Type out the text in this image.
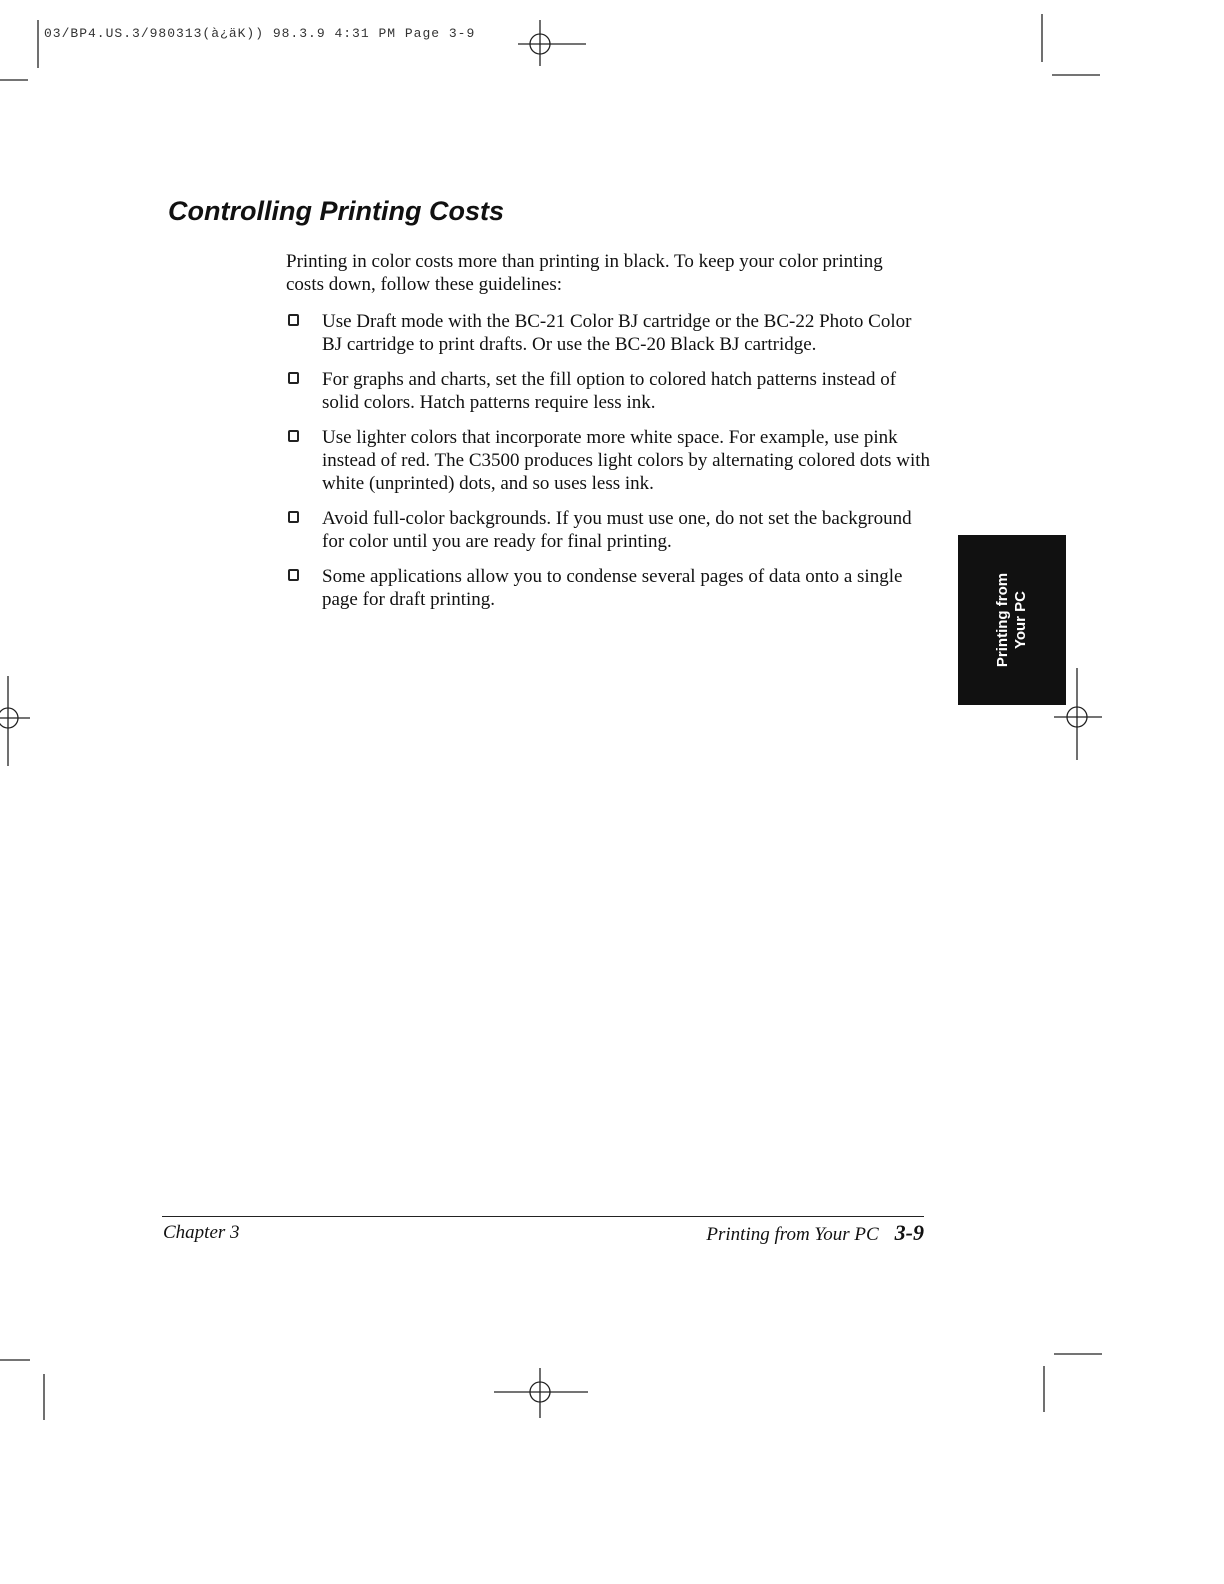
03/BP4.US.3/980313(à¿äK)) 98.3.9 4:31 PM Page 3-9
Controlling Printing Costs

Printing in color costs more than printing in black. To keep your color printing costs down, follow these guidelines:

Use Draft mode with the BC-21 Color BJ cartridge or the BC-22 Photo Color BJ cartridge to print drafts. Or use the BC-20 Black BJ cartridge.
For graphs and charts, set the fill option to colored hatch patterns instead of solid colors. Hatch patterns require less ink.
Use lighter colors that incorporate more white space. For example, use pink instead of red. The C3500 produces light colors by alternating colored dots with white (unprinted) dots, and so uses less ink.
Avoid full-color backgrounds. If you must use one, do not set the background for color until you are ready for final printing.
Some applications allow you to condense several pages of data onto a single page for draft printing.	Printing from Your PC
Chapter 3	Printing from Your PC 3-9
